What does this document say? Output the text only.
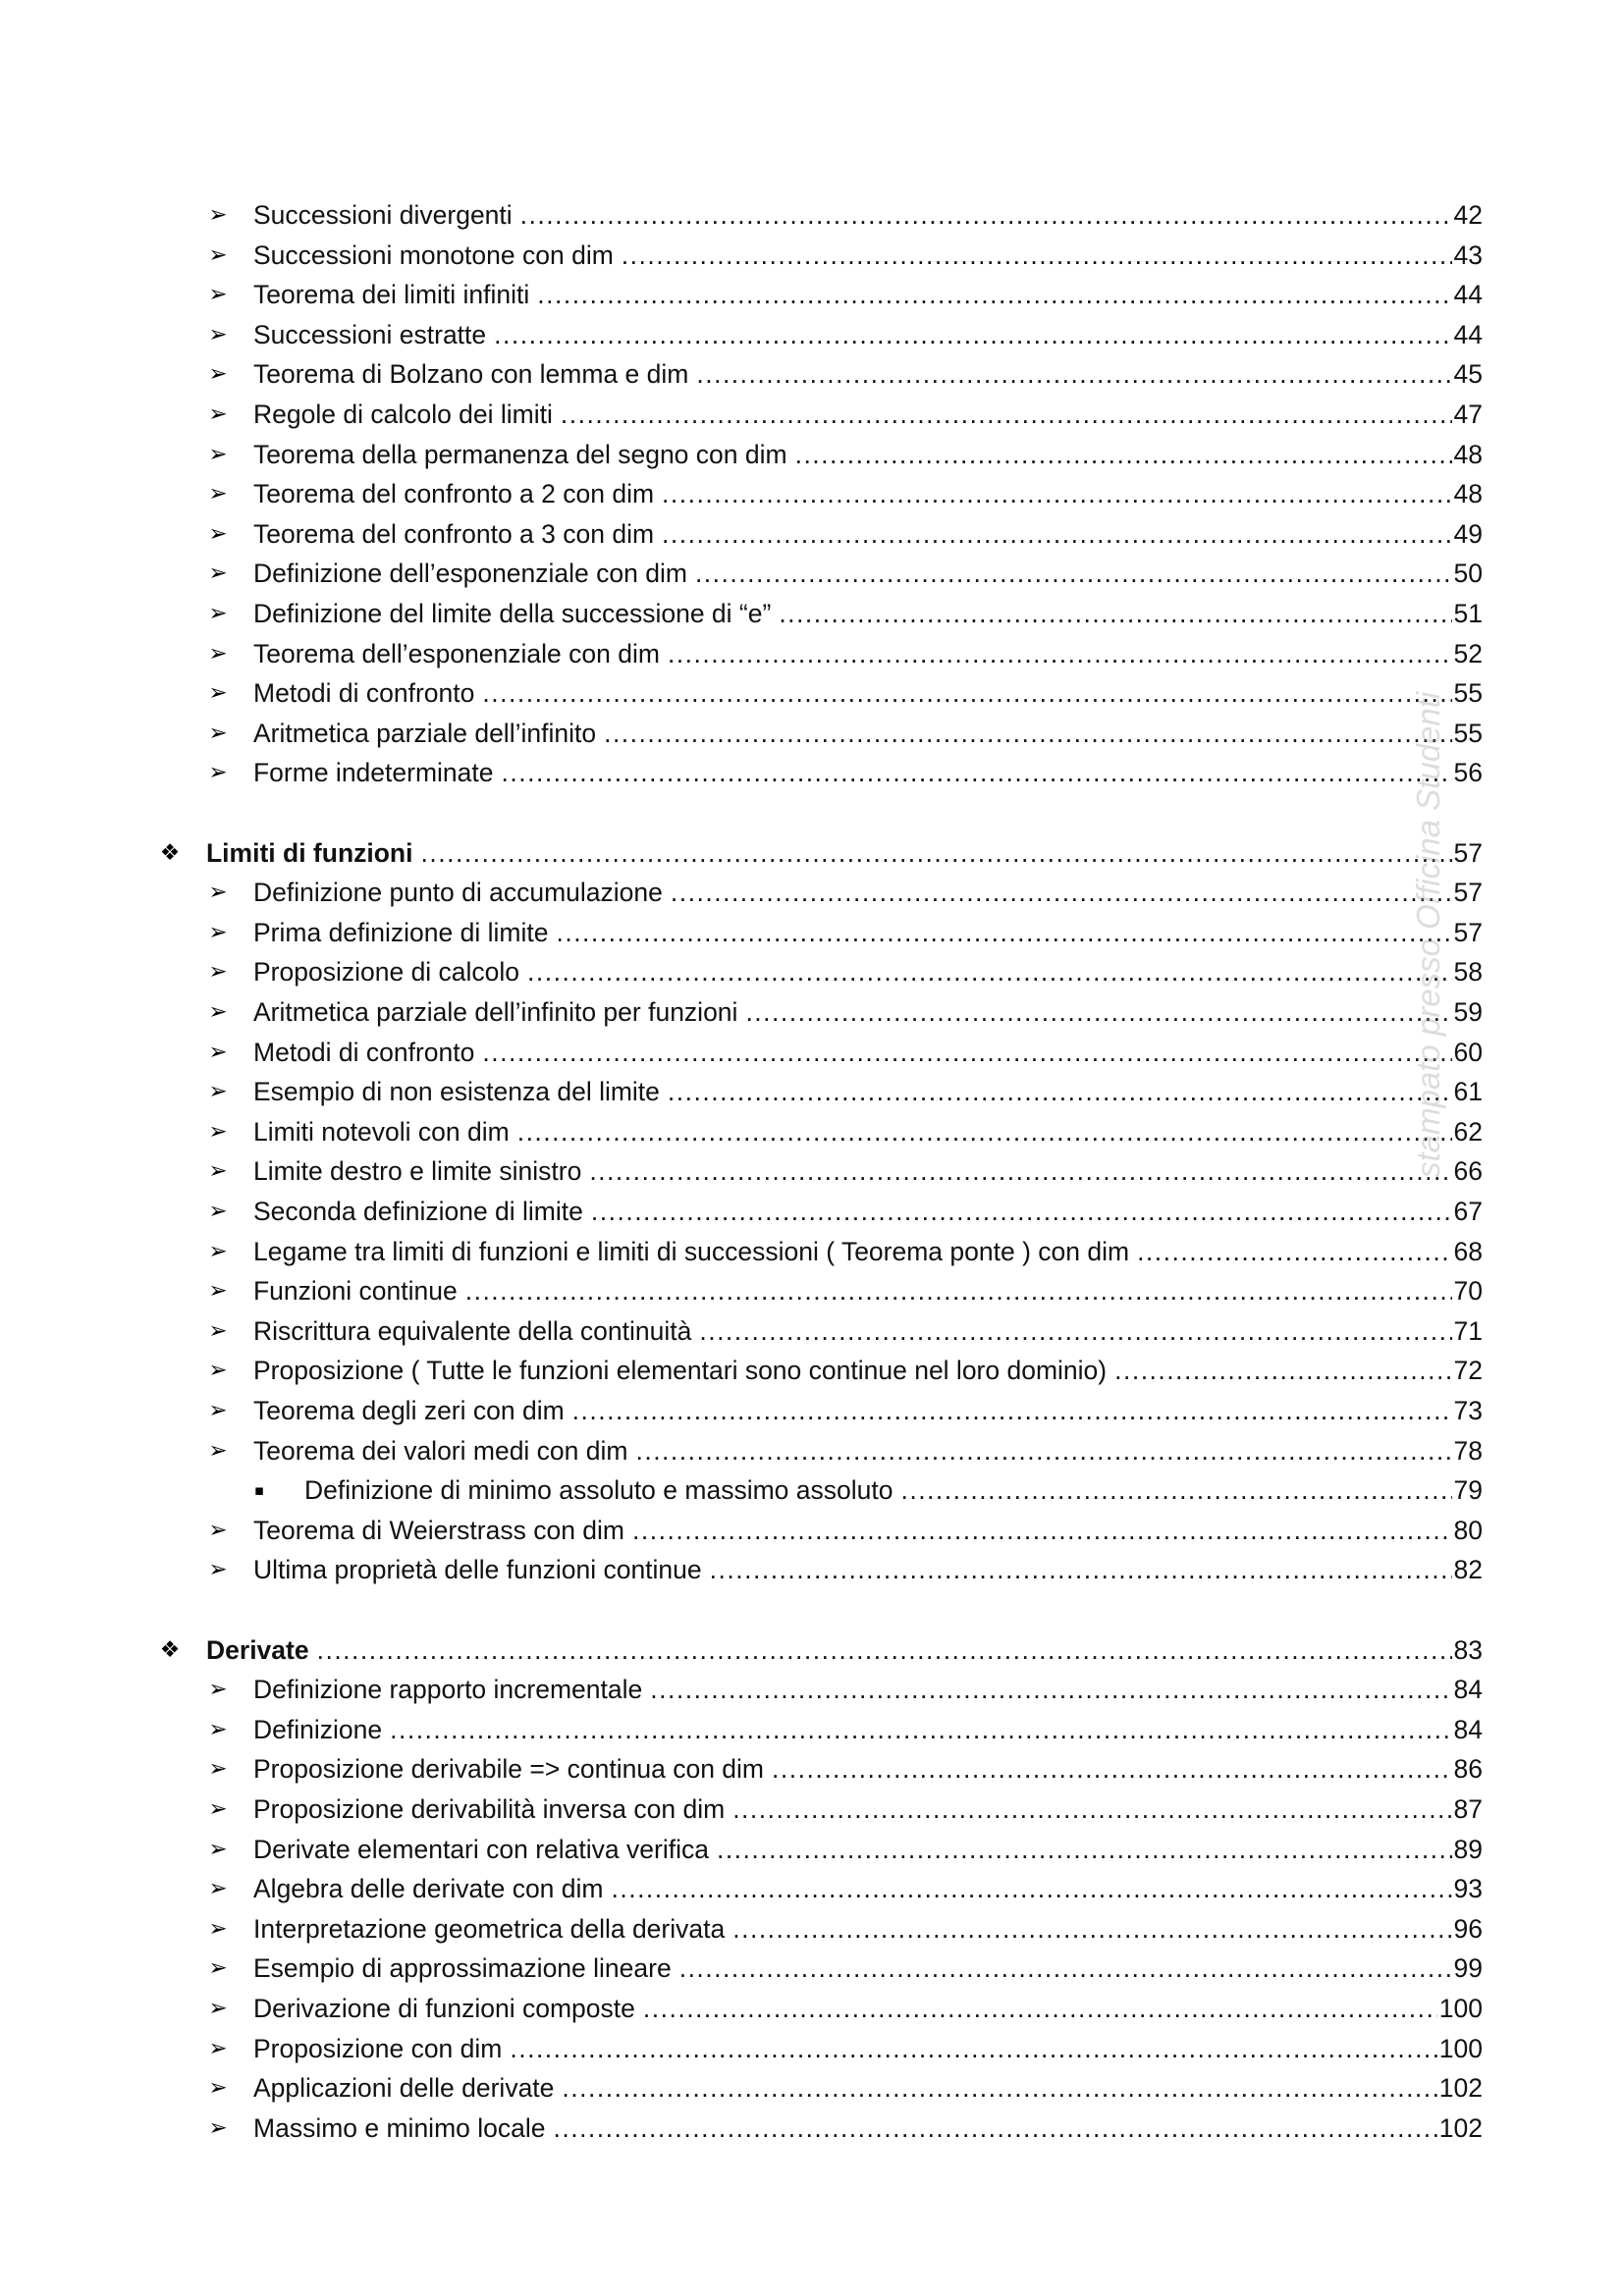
➢ Successioni divergenti .....	42
➢ Successioni monotone con dim .....	43
➢ Teorema dei limiti infiniti .....	44
➢ Successioni estratte .....	44
➢ Teorema di Bolzano con lemma e dim .....	45
➢ Regole di calcolo dei limiti .....	47
➢ Teorema della permanenza del segno con dim .....	48
➢ Teorema del confronto a 2 con dim .....	48
➢ Teorema del confronto a 3 con dim .....	49
➢ Definizione dell’esponenziale con dim .....	50
➢ Definizione del limite della successione di “e” .....	51
➢ Teorema dell’esponenziale con dim .....	52
➢ Metodi di confronto .....	55
➢ Aritmetica parziale dell’infinito .....	55
➢ Forme indeterminate .....	56
❖ Limiti di funzioni .....	57
➢ Definizione punto di accumulazione .....	57
➢ Prima definizione di limite .....	57
➢ Proposizione di calcolo .....	58
➢ Aritmetica parziale dell’infinito per funzioni .....	59
➢ Metodi di confronto .....	60
➢ Esempio di non esistenza del limite .....	61
➢ Limiti notevoli con dim .....	62
➢ Limite destro e limite sinistro .....	66
➢ Seconda definizione di limite .....	67
➢ Legame tra limiti di funzioni e limiti di successioni ( Teorema ponte ) con dim .....	68
➢ Funzioni continue .....	70
➢ Riscrittura equivalente della continuità .....	71
➢ Proposizione ( Tutte le funzioni elementari sono continue nel loro dominio) .....	72
➢ Teorema degli zeri con dim .....	73
➢ Teorema dei valori medi con dim .....	78
▪ Definizione di minimo assoluto e massimo assoluto .....	79
➢ Teorema di Weierstrass con dim .....	80
➢ Ultima proprietà delle funzioni continue .....	82
❖ Derivate .....	83
➢ Definizione rapporto incrementale .....	84
➢ Definizione .....	84
➢ Proposizione derivabile => continua con dim .....	86
➢ Proposizione derivabilità inversa con dim .....	87
➢ Derivate elementari con relativa verifica .....	89
➢ Algebra delle derivate con dim .....	93
➢ Interpretazione geometrica della derivata .....	96
➢ Esempio di approssimazione lineare .....	99
➢ Derivazione di funzioni composte .....	100
➢ Proposizione con dim .....	100
➢ Applicazioni delle derivate .....	102
➢ Massimo e minimo locale .....	102
stampato presso Officina Studenti
